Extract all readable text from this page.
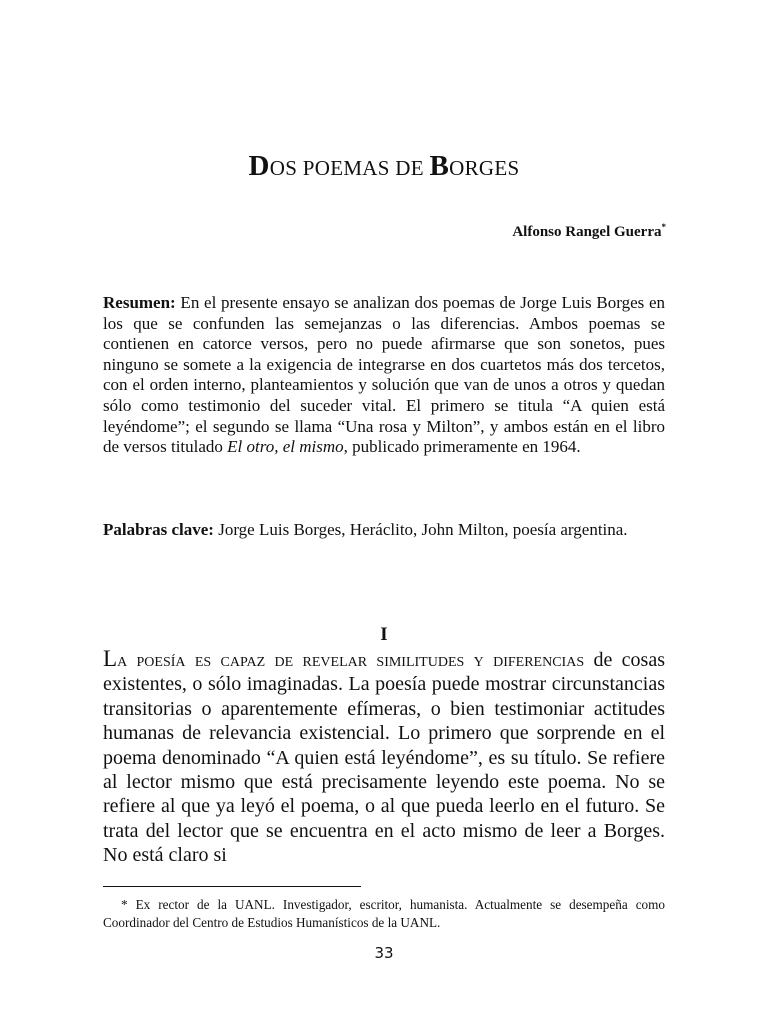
DOS POEMAS DE BORGES
Alfonso Rangel Guerra*
Resumen: En el presente ensayo se analizan dos poemas de Jorge Luis Borges en los que se confunden las semejanzas o las diferencias. Ambos poemas se contienen en catorce versos, pero no puede afirmarse que son sonetos, pues ninguno se somete a la exigencia de integrarse en dos cuartetos más dos tercetos, con el orden interno, planteamientos y solución que van de unos a otros y quedan sólo como testimonio del suceder vital. El primero se titula “A quien está leyéndome”; el segundo se llama “Una rosa y Milton”, y ambos están en el libro de versos titulado El otro, el mismo, publicado primeramente en 1964.
Palabras clave: Jorge Luis Borges, Heráclito, John Milton, poesía argentina.
I
La poesía es capaz de revelar similitudes y diferencias de cosas existentes, o sólo imaginadas. La poesía puede mostrar circunstancias transitorias o aparentemente efímeras, o bien testimoniar actitudes humanas de relevancia existencial. Lo primero que sorprende en el poema denominado “A quien está leyéndome”, es su título. Se refiere al lector mismo que está precisamente leyendo este poema. No se refiere al que ya leyó el poema, o al que pueda leerlo en el futuro. Se trata del lector que se encuentra en el acto mismo de leer a Borges. No está claro si
* Ex rector de la UANL. Investigador, escritor, humanista. Actualmente se desempeña como Coordinador del Centro de Estudios Humanísticos de la UANL.
33
